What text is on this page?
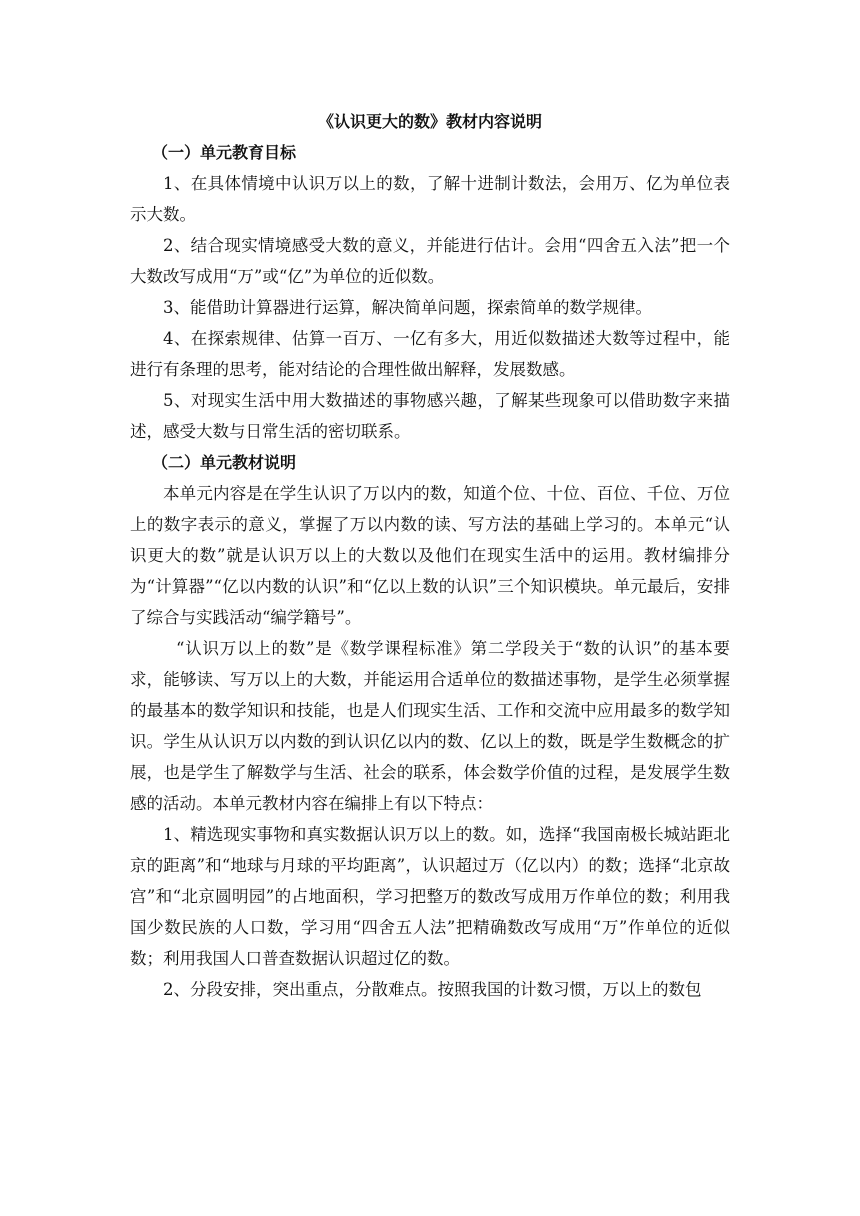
《认识更大的数》教材内容说明

（一）单元教育目标

1、在具体情境中认识万以上的数，了解十进制计数法，会用万、亿为单位表示大数。

2、结合现实情境感受大数的意义，并能进行估计。会用“四舍五入法”把一个大数改写成用“万”或“亿”为单位的近似数。

3、能借助计算器进行运算，解决简单问题，探索简单的数学规律。

4、在探索规律、估算一百万、一亿有多大，用近似数描述大数等过程中，能进行有条理的思考，能对结论的合理性做出解释，发展数感。

5、对现实生活中用大数描述的事物感兴趣，了解某些现象可以借助数字来描述，感受大数与日常生活的密切联系。

（二）单元教材说明

本单元内容是在学生认识了万以内的数，知道个位、十位、百位、千位、万位上的数字表示的意义，掌握了万以内数的读、写方法的基础上学习的。本单元“认识更大的数”就是认识万以上的大数以及他们在现实生活中的运用。教材编排分为“计算器”“亿以内数的认识”和“亿以上数的认识”三个知识模块。单元最后，安排了综合与实践活动“编学籍号”。

“认识万以上的数”是《数学课程标准》第二学段关于“数的认识”的基本要求，能够读、写万以上的大数，并能运用合适单位的数描述事物，是学生必须掌握的最基本的数学知识和技能，也是人们现实生活、工作和交流中应用最多的数学知识。学生从认识万以内数的到认识亿以内的数、亿以上的数，既是学生数概念的扩展，也是学生了解数学与生活、社会的联系，体会数学价值的过程，是发展学生数感的活动。本单元教材内容在编排上有以下特点：

1、精选现实事物和真实数据认识万以上的数。如，选择“我国南极长城站距北京的距离”和“地球与月球的平均距离”，认识超过万（亿以内）的数；选择“北京故宫”和“北京圆明园”的占地面积，学习把整万的数改写成用万作单位的数；利用我国少数民族的人口数，学习用“四舍五人法”把精确数改写成用“万”作单位的近似数；利用我国人口普查数据认识超过亿的数。

2、分段安排，突出重点，分散难点。按照我国的计数习惯，万以上的数包
